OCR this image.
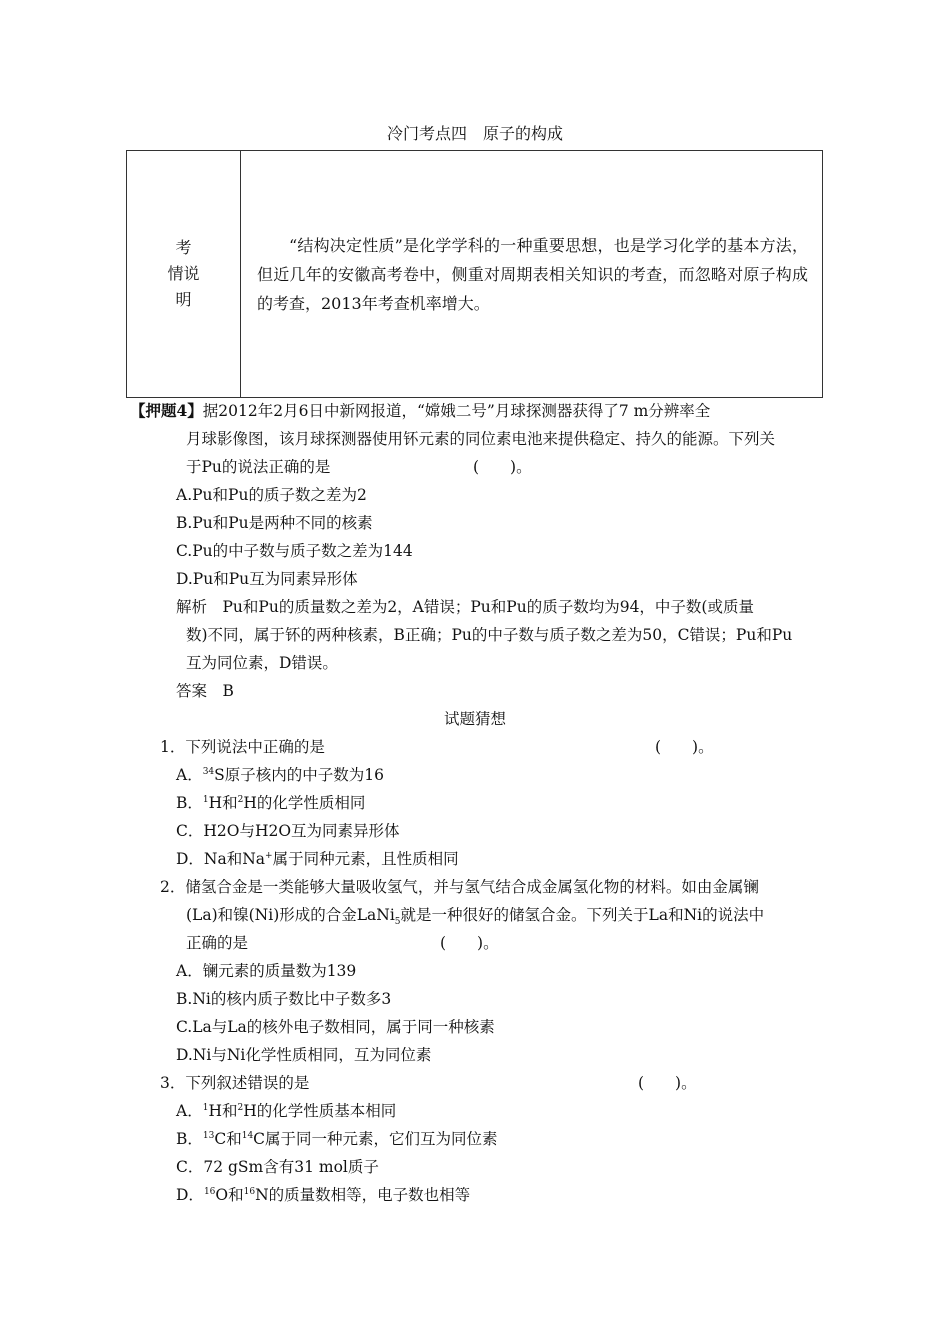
冷门考点四　原子的构成
考
情说
明

“结构决定性质”是化学学科的一种重要思想，也是学习化学的基本方法，但近几年的安徽高考卷中，侧重对周期表相关知识的考查，而忽略对原子构成的考查，2013年考查机率增大。

【押题4】据2012年2月6日中新网报道，“嫦娥二号”月球探测器获得了7 m分辨率全
月球影像图，该月球探测器使用钚元素的同位素电池来提供稳定、持久的能源。下列关
于Pu的说法正确的是	(　　)。
A.Pu和Pu的质子数之差为2
B.Pu和Pu是两种不同的核素
C.Pu的中子数与质子数之差为144
D.Pu和Pu互为同素异形体
解析　Pu和Pu的质量数之差为2，A错误；Pu和Pu的质子数均为94，中子数(或质量
数)不同，属于钚的两种核素，B正确；Pu的中子数与质子数之差为50，C错误；Pu和Pu
互为同位素，D错误。
答案　B
试题猜想
1．下列说法中正确的是	(　　)。
A．$^{34}$S原子核内的中子数为16
B．$^1$H和$^2$H的化学性质相同
C．H2O与H2O互为同素异形体
D．Na和Na+属于同种元素，且性质相同
2．储氢合金是一类能够大量吸收氢气，并与氢气结合成金属氢化物的材料。如由金属镧
(La)和镍(Ni)形成的合金LaNi$_5$就是一种很好的储氢合金。下列关于La和Ni的说法中
正确的是	(　　)。
A．镧元素的质量数为139
B.Ni的核内质子数比中子数多3
C.La与La的核外电子数相同，属于同一种核素
D.Ni与Ni化学性质相同，互为同位素
3．下列叙述错误的是	(　　)。
A．$^1$H和$^2$H的化学性质基本相同
B．$^{13}$C和$^{14}$C属于同一种元素，它们互为同位素
C．72 gSm含有31 mol质子
D．$^{16}$O和$^{16}$N的质量数相等，电子数也相等
